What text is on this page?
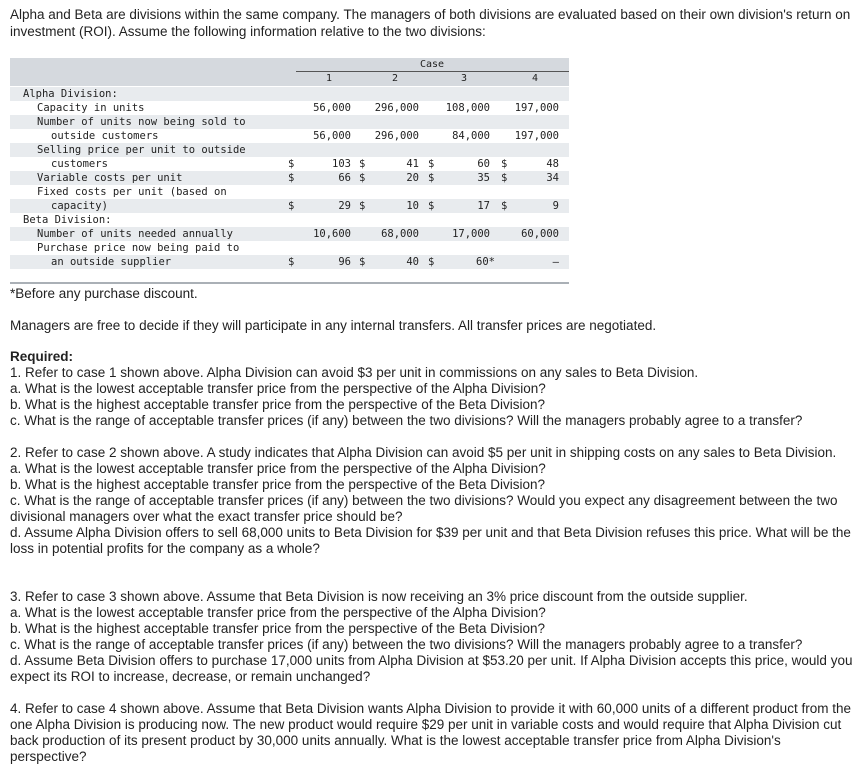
Alpha and Beta are divisions within the same company. The managers of both divisions are evaluated based on their own division's return on investment (ROI). Assume the following information relative to the two divisions:
Case
1	2	3	4
Alpha Division:
Capacity in units	56,000 296,000	108,000 197,000
Number of units now being sold to
outside customers	56,000 296,000	84,000 197,000
Selling price per unit to outside
customers	$	103 $	41 $	60 $	48
Variable costs per unit	$	66 $	20 $	35 $	34
Fixed costs per unit (based on
capacity)	$	29 $	10 $	17 $	9
Beta Division:
Number of units needed annually	10,600	68,000	17,000	60,000
Purchase price now being paid to
an outside supplier	$	96 $	40 $	60*	—
*Before any purchase discount.
Managers are free to decide if they will participate in any internal transfers. All transfer prices are negotiated.

Required:

1. Refer to case 1 shown above. Alpha Division can avoid $3 per unit in commissions on any sales to Beta Division.

a. What is the lowest acceptable transfer price from the perspective of the Alpha Division?

b. What is the highest acceptable transfer price from the perspective of the Beta Division?

c. What is the range of acceptable transfer prices (if any) between the two divisions? Will the managers probably agree to a transfer?

2. Refer to case 2 shown above. A study indicates that Alpha Division can avoid $5 per unit in shipping costs on any sales to Beta Division.

a. What is the lowest acceptable transfer price from the perspective of the Alpha Division?

b. What is the highest acceptable transfer price from the perspective of the Beta Division?

c. What is the range of acceptable transfer prices (if any) between the two divisions? Would you expect any disagreement between the two divisional managers over what the exact transfer price should be?

d. Assume Alpha Division offers to sell 68,000 units to Beta Division for $39 per unit and that Beta Division refuses this price. What will be the loss in potential profits for the company as a whole?

3. Refer to case 3 shown above. Assume that Beta Division is now receiving an 3% price discount from the outside supplier.

a. What is the lowest acceptable transfer price from the perspective of the Alpha Division?

b. What is the highest acceptable transfer price from the perspective of the Beta Division?

c. What is the range of acceptable transfer prices (if any) between the two divisions? Will the managers probably agree to a transfer?

d. Assume Beta Division offers to purchase 17,000 units from Alpha Division at $53.20 per unit. If Alpha Division accepts this price, would you expect its ROI to increase, decrease, or remain unchanged?

4. Refer to case 4 shown above. Assume that Beta Division wants Alpha Division to provide it with 60,000 units of a different product from the one Alpha Division is producing now. The new product would require $29 per unit in variable costs and would require that Alpha Division cut back production of its present product by 30,000 units annually. What is the lowest acceptable transfer price from Alpha Division's perspective?
